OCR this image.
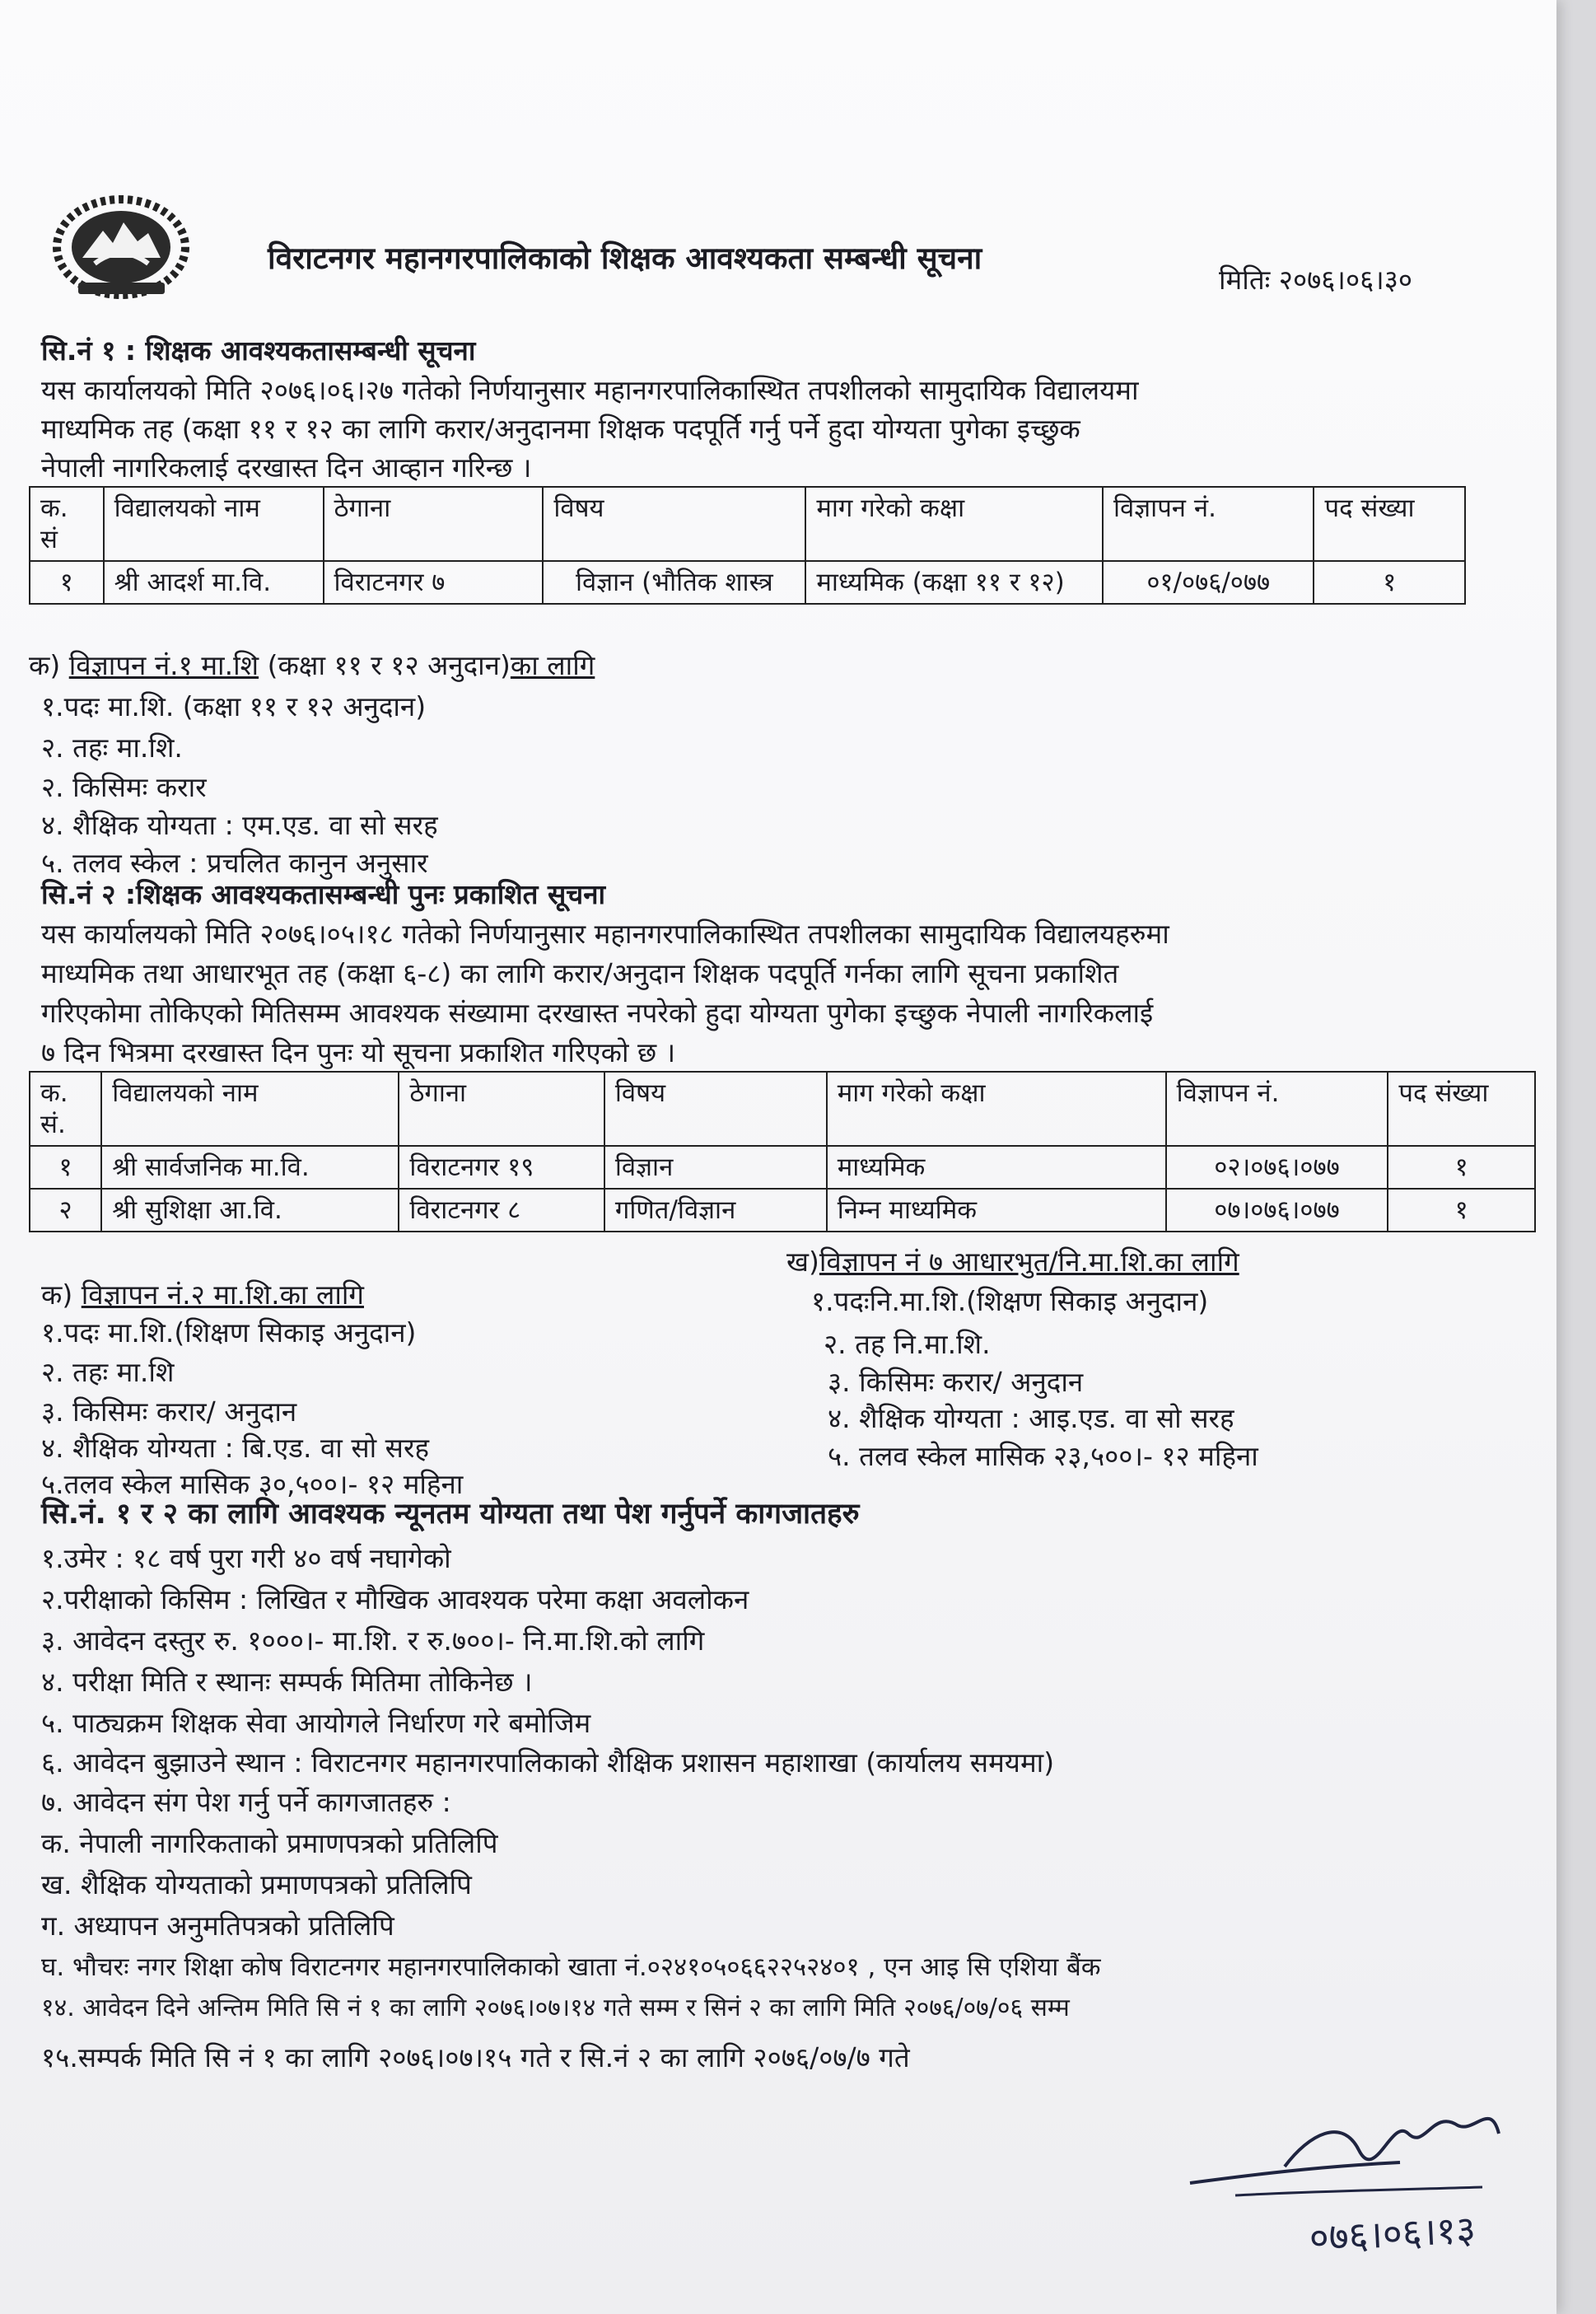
विराटनगर महानगरपालिकाको शिक्षक आवश्यकता सम्बन्धी सूचना
मितिः २०७६।०६।३०
सि.नं १ : शिक्षक आवश्यकतासम्बन्धी सूचना
यस कार्यालयको मिति २०७६।०६।२७ गतेको निर्णयानुसार महानगरपालिकास्थित तपशीलको सामुदायिक विद्यालयमा
माध्यमिक तह (कक्षा ११ र १२ का लागि करार/अनुदानमा शिक्षक पदपूर्ति गर्नु पर्ने हुदा योग्यता पुगेका इच्छुक
नेपाली नागरिकलाई दरखास्त दिन आव्हान गरिन्छ ।
क. सं	विद्यालयको नाम	ठेगाना	विषय	माग गरेको कक्षा	विज्ञापन नं.	पद संख्या
१	श्री आदर्श मा.वि.	विराटनगर ७	विज्ञान (भौतिक शास्त्र	माध्यमिक (कक्षा ११ र १२)	०१/०७६/०७७	१
क) विज्ञापन नं.१ मा.शि (कक्षा ११ र १२ अनुदान)का लागि
१.पदः मा.शि. (कक्षा ११ र १२ अनुदान)
२. तहः मा.शि.
२. किसिमः करार
४. शैक्षिक योग्यता : एम.एड. वा सो सरह
५. तलव स्केल : प्रचलित कानुन अनुसार
सि.नं २ :शिक्षक आवश्यकतासम्बन्धी पुनः प्रकाशित सूचना
यस कार्यालयको मिति २०७६।०५।१८ गतेको निर्णयानुसार महानगरपालिकास्थित तपशीलका सामुदायिक विद्यालयहरुमा
माध्यमिक तथा आधारभूत तह (कक्षा ६-८) का लागि करार/अनुदान शिक्षक पदपूर्ति गर्नका लागि सूचना प्रकाशित
गरिएकोमा तोकिएको मितिसम्म आवश्यक संख्यामा दरखास्त नपरेको हुदा योग्यता पुगेका इच्छुक नेपाली नागरिकलाई
७ दिन भित्रमा दरखास्त दिन पुनः यो सूचना प्रकाशित गरिएको छ ।
क. सं.	विद्यालयको नाम	ठेगाना	विषय	माग गरेको कक्षा	विज्ञापन नं.	पद संख्या
१	श्री सार्वजनिक मा.वि.	विराटनगर १९	विज्ञान	माध्यमिक	०२।०७६।०७७	१
२	श्री सुशिक्षा आ.वि.	विराटनगर ८	गणित/विज्ञान	निम्न माध्यमिक	०७।०७६।०७७	१
क) विज्ञापन नं.२ मा.शि.का लागि
१.पदः मा.शि.(शिक्षण सिकाइ अनुदान)
२. तहः मा.शि
३. किसिमः करार/ अनुदान
४. शैक्षिक योग्यता : बि.एड. वा सो सरह
५.तलव स्केल मासिक ३०,५००।- १२ महिना
ख)विज्ञापन नं ७ आधारभुत/नि.मा.शि.का लागि
१.पदःनि.मा.शि.(शिक्षण सिकाइ अनुदान)
२. तह नि.मा.शि.
३. किसिमः करार/ अनुदान
४. शैक्षिक योग्यता : आइ.एड. वा सो सरह
५. तलव स्केल मासिक २३,५००।- १२ महिना
सि.नं. १ र २ का लागि आवश्यक न्यूनतम योग्यता तथा पेश गर्नुपर्ने कागजातहरु
१.उमेर : १८ वर्ष पुरा गरी ४० वर्ष नघागेको
२.परीक्षाको किसिम : लिखित र मौखिक आवश्यक परेमा कक्षा अवलोकन
३. आवेदन दस्तुर रु. १०००।- मा.शि. र रु.७००।- नि.मा.शि.को लागि
४. परीक्षा मिति र स्थानः सम्पर्क मितिमा तोकिनेछ ।
५. पाठ्यक्रम शिक्षक सेवा आयोगले निर्धारण गरे बमोजिम
६. आवेदन बुझाउने स्थान : विराटनगर महानगरपालिकाको शैक्षिक प्रशासन महाशाखा (कार्यालय समयमा)
७. आवेदन संग पेश गर्नु पर्ने कागजातहरु :
क. नेपाली नागरिकताको प्रमाणपत्रको प्रतिलिपि
ख. शैक्षिक योग्यताको प्रमाणपत्रको प्रतिलिपि
ग. अध्यापन अनुमतिपत्रको प्रतिलिपि
घ. भौचरः नगर शिक्षा कोष विराटनगर महानगरपालिकाको खाता नं.०२४१०५०६६२२५२४०१ , एन आइ सि एशिया बैंक
१४. आवेदन दिने अन्तिम मिति सि नं १ का लागि २०७६।०७।१४ गते सम्म र सिनं २ का लागि मिति २०७६/०७/०६ सम्म
१५.सम्पर्क मिति सि नं १ का लागि २०७६।०७।१५ गते र सि.नं २ का लागि २०७६/०७/७ गते
०७६।०६।१३
